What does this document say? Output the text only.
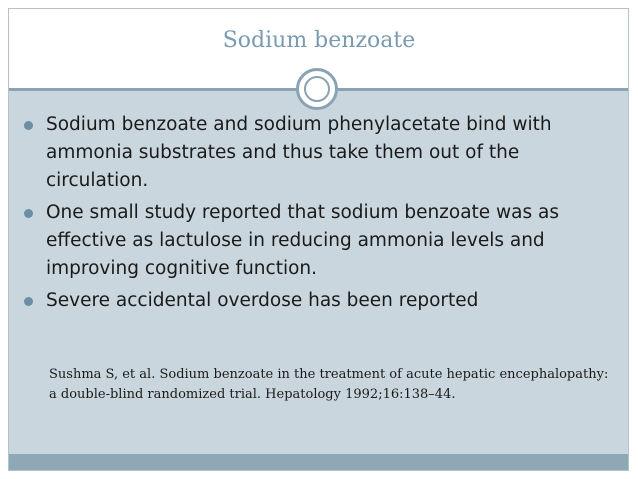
Sodium benzoate
Sodium benzoate and sodium phenylacetate bind with ammonia substrates and thus take them out of the circulation.
One small study reported that sodium benzoate was as effective as lactulose in reducing ammonia levels and improving cognitive function.
Severe accidental overdose has been reported
Sushma S, et al. Sodium benzoate in the treatment of acute hepatic encephalopathy: a double-blind randomized trial. Hepatology 1992;16:138–44.
